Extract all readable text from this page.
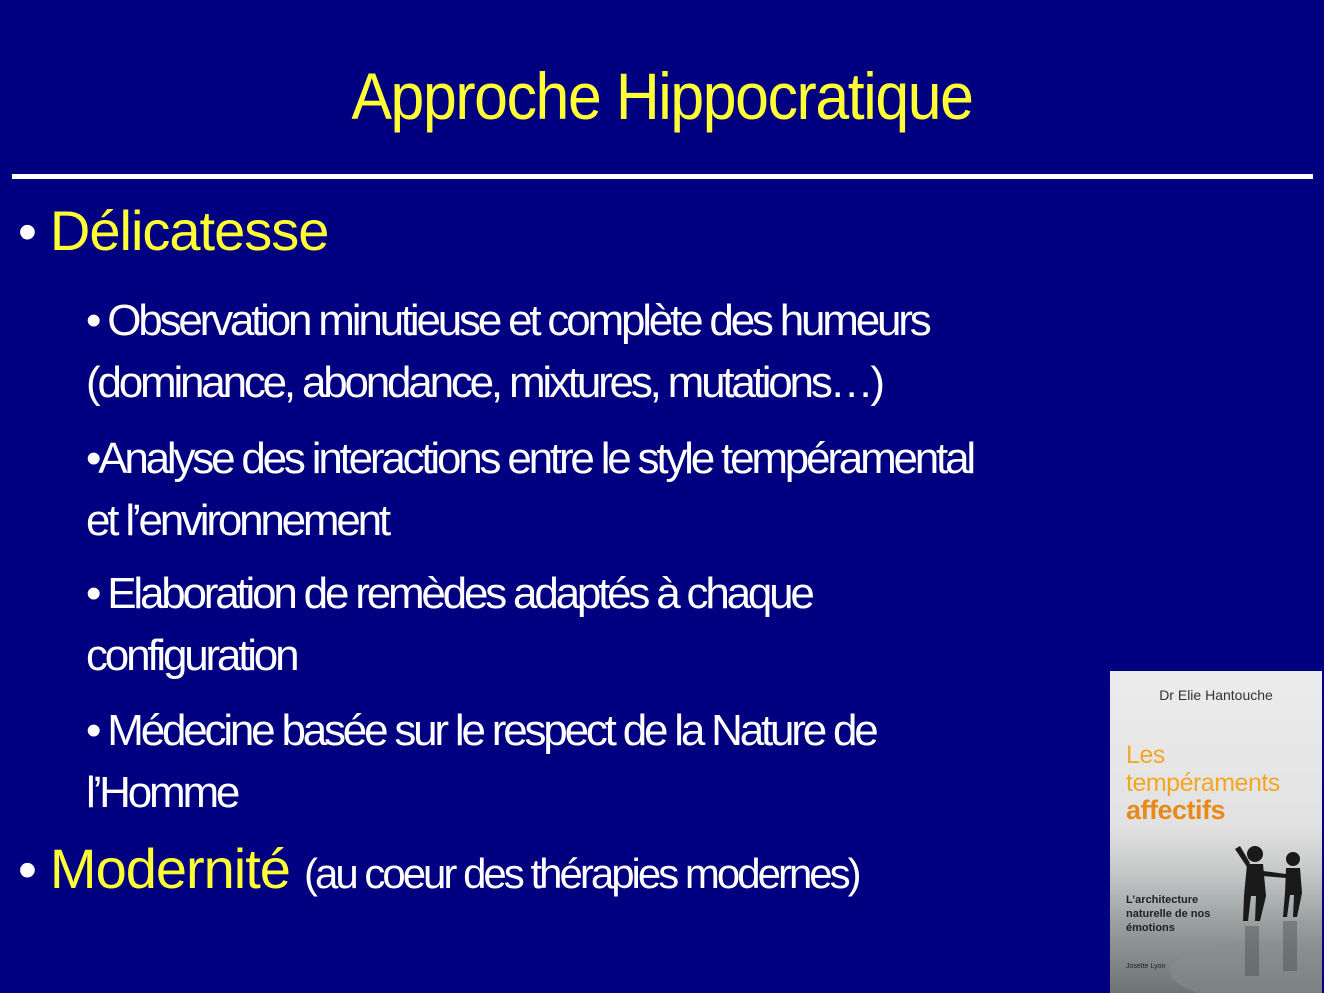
Approche Hippocratique
• Délicatesse
• Observation minutieuse et complète des humeurs
(dominance, abondance, mixtures, mutations…)
•Analyse des interactions entre le style tempéramental
et l’environnement
• Elaboration de remèdes adaptés à chaque
configuration
• Médecine basée sur le respect de la Nature de
l’Homme
• Modernité (au coeur des thérapies modernes)
Dr Elie Hantouche
Les
tempéraments
affectifs
L’architecture naturelle de nos émotions
Josette Lyon
